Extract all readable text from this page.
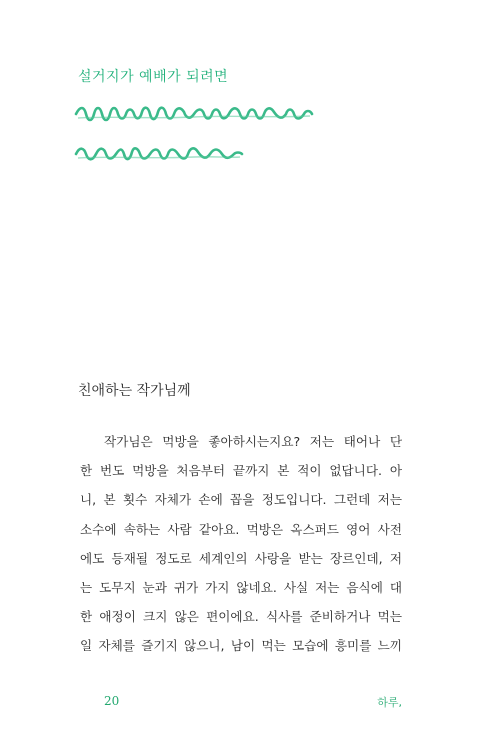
설거지가 예배가 되려면
친애하는 작가님께
작가님은 먹방을 좋아하시는지요? 저는 태어나 단
한 번도 먹방을 처음부터 끝까지 본 적이 없답니다. 아
니, 본 횟수 자체가 손에 꼽을 정도입니다. 그런데 저는
소수에 속하는 사람 같아요. 먹방은 옥스퍼드 영어 사전
에도 등재될 정도로 세계인의 사랑을 받는 장르인데, 저
는 도무지 눈과 귀가 가지 않네요. 사실 저는 음식에 대
한 애정이 크지 않은 편이에요. 식사를 준비하거나 먹는
일 자체를 즐기지 않으니, 남이 먹는 모습에 흥미를 느끼
20	하루,
